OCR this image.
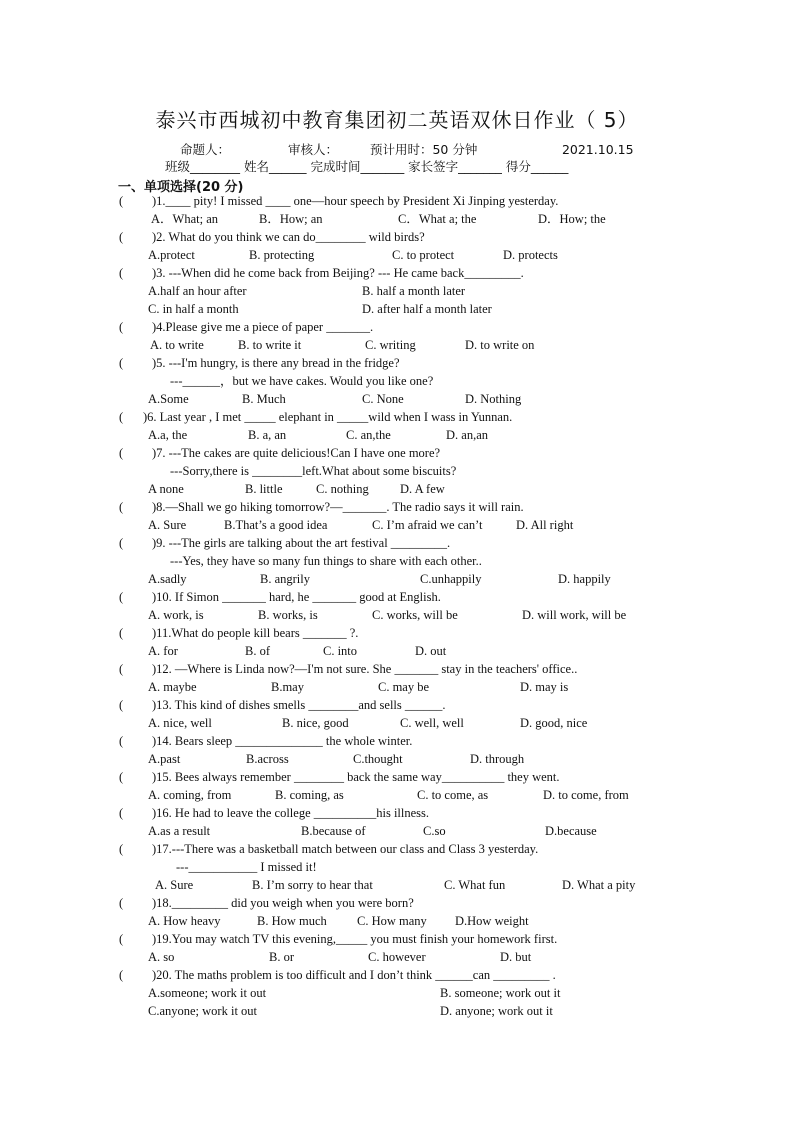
泰兴市西城初中教育集团初二英语双休日作业（ 5）
命题人：	审核人：	预计用时：50 分钟	2021.10.15
班级________ 姓名______ 完成时间_______ 家长签字_______ 得分______
一、单项选择(20 分)
( )1.____ pity! I missed ____ one—hour speech by President Xi Jinping yesterday.
A．What; an	B．How; an	C．What a; the	D．How; the
( )2. What do you think we can do________ wild birds?
A.protect	B. protecting	C. to protect	D. protects
( )3. ---When did he come back from Beijing? --- He came back_________.
A.half an hour after	B. half a month later
C. in half a month	D. after half a month later
( )4.Please give me a piece of paper _______.
A. to write	B. to write it	C. writing	D. to write on
( )5. ---I'm hungry, is there any bread in the fridge?
---______，but we have cakes. Would you like one?
A.Some	B. Much	C. None	D. Nothing
( )6. Last year , I met _____ elephant in _____wild when I wass in Yunnan.
A.a, the	B. a, an	C. an,the	D. an,an
( )7. ---The cakes are quite delicious!Can I have one more?
---Sorry,there is ________left.What about some biscuits?
A none	B. little	C. nothing D. A few
( )8.—Shall we go hiking tomorrow?—_______. The radio says it will rain.
A. Sure	B.That’s a good idea	C. I’m afraid we can’t	D. All right
( )9. ---The girls are talking about the art festival _________.
---Yes, they have so many fun things to share with each other..
A.sadly	B. angrily	C.unhappily	D. happily
( )10. If Simon _______ hard, he _______ good at English.
A. work, is	B. works, is	C. works, will be	D. will work, will be
( )11.What do people kill bears _______ ?.
A. for	B. of	C. into	D. out
( )12. —Where is Linda now?—I'm not sure. She _______ stay in the teachers' office..
A. maybe	B.may	C. may be	D. may is
( )13. This kind of dishes smells ________and sells ______.
A. nice, well	B. nice, good	C. well, well	D. good, nice
( )14. Bears sleep ______________ the whole winter.
A.past	B.across	C.thought	D. through
( )15. Bees always remember ________ back the same way__________ they went.
A. coming, from	B. coming, as	C. to come, as	D. to come, from
( )16. He had to leave the college __________his illness.
A.as a result	B.because of	C.so	D.because
( )17.---There was a basketball match between our class and Class 3 yesterday.
---___________ I missed it!
A. Sure	B. I’m sorry to hear that	C. What fun	D. What a pity
( )18._________ did you weigh when you were born?
A. How heavy	B. How much C. How many D.How weight
( )19.You may watch TV this evening,_____ you must finish your homework first.
A. so	B. or	C. however	D. but
( )20. The maths problem is too difficult and I don’t think ______can _________ .
A.someone; work it out	B. someone; work out it
C.anyone; work it out	D. anyone; work out it
